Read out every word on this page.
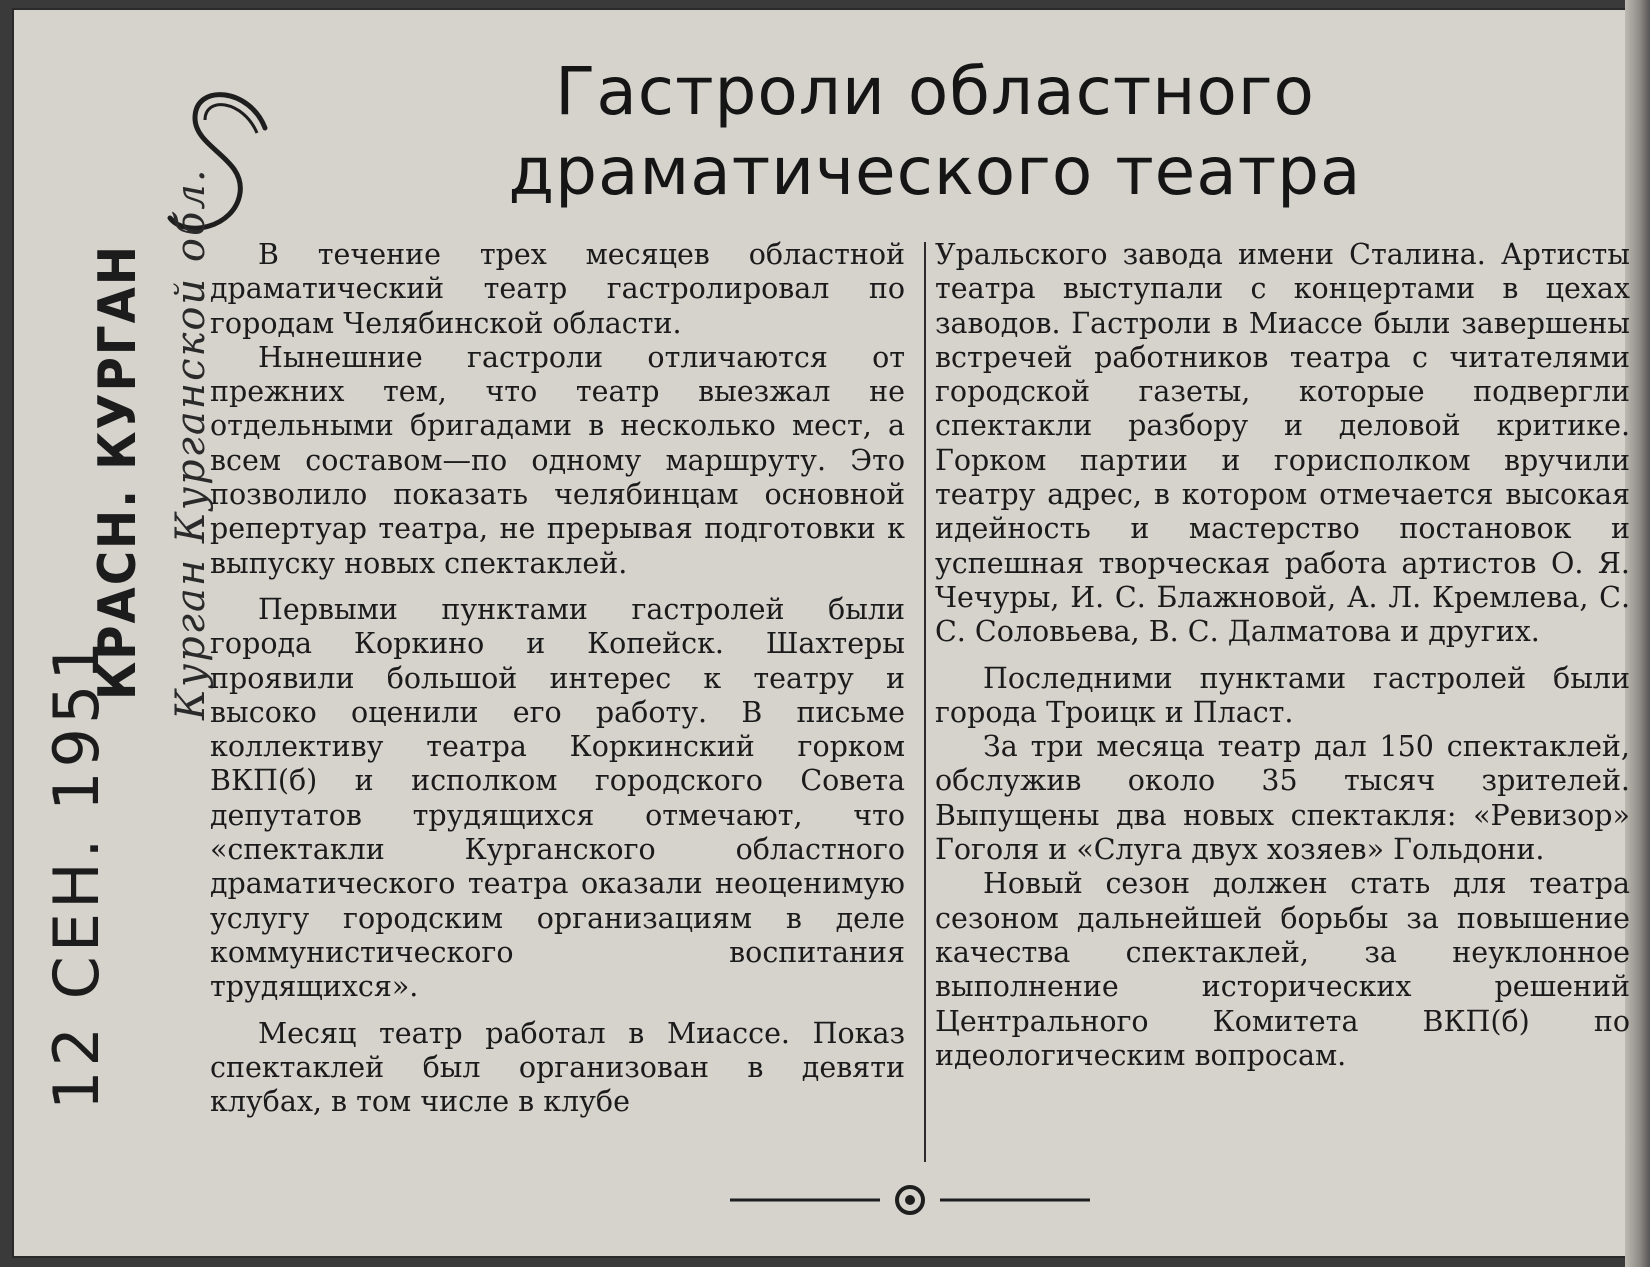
КРАСН. КУРГАН
12 СЕН. 1951
Курган Курганской обл.
Гастроли областного
драматического театра

В течение трех месяцев областной драматический театр гастролировал по городам Челябинской области.

Нынешние гастроли отличаются от прежних тем, что театр выезжал не отдельными бригадами в несколько мест, а всем составом—по одному маршруту. Это позволило показать челябинцам основной репертуар театра, не прерывая подготовки к выпуску новых спектаклей.

Первыми пунктами гастролей были города Коркино и Копейск. Шахтеры проявили большой интерес к театру и высоко оценили его работу. В письме коллективу театра Коркинский горком ВКП(б) и исполком городского Совета депутатов трудящихся отмечают, что «спектакли Курганского областного драматического театра оказали неоценимую услугу городским организациям в деле коммунистического воспитания трудящихся».

Месяц театр работал в Миассе. Показ спектаклей был организован в девяти клубах, в том числе в клубе

Уральского завода имени Сталина. Артисты театра выступали с концертами в цехах заводов. Гастроли в Миассе были завершены встречей работников театра с читателями городской газеты, которые подвергли спектакли разбору и деловой критике. Горком партии и горисполком вручили театру адрес, в котором отмечается высокая идейность и мастерство постановок и успешная творческая работа артистов О. Я. Чечуры, И. С. Блажновой, А. Л. Кремлева, С. С. Соловьева, В. С. Далматова и других.

Последними пунктами гастролей были города Троицк и Пласт.

За три месяца театр дал 150 спектаклей, обслужив около 35 тысяч зрителей. Выпущены два новых спектакля: «Ревизор» Гоголя и «Слуга двух хозяев» Гольдони.

Новый сезон должен стать для театра сезоном дальнейшей борьбы за повышение качества спектаклей, за неуклонное выполнение исторических решений Центрального Комитета ВКП(б) по идеологическим вопросам.
